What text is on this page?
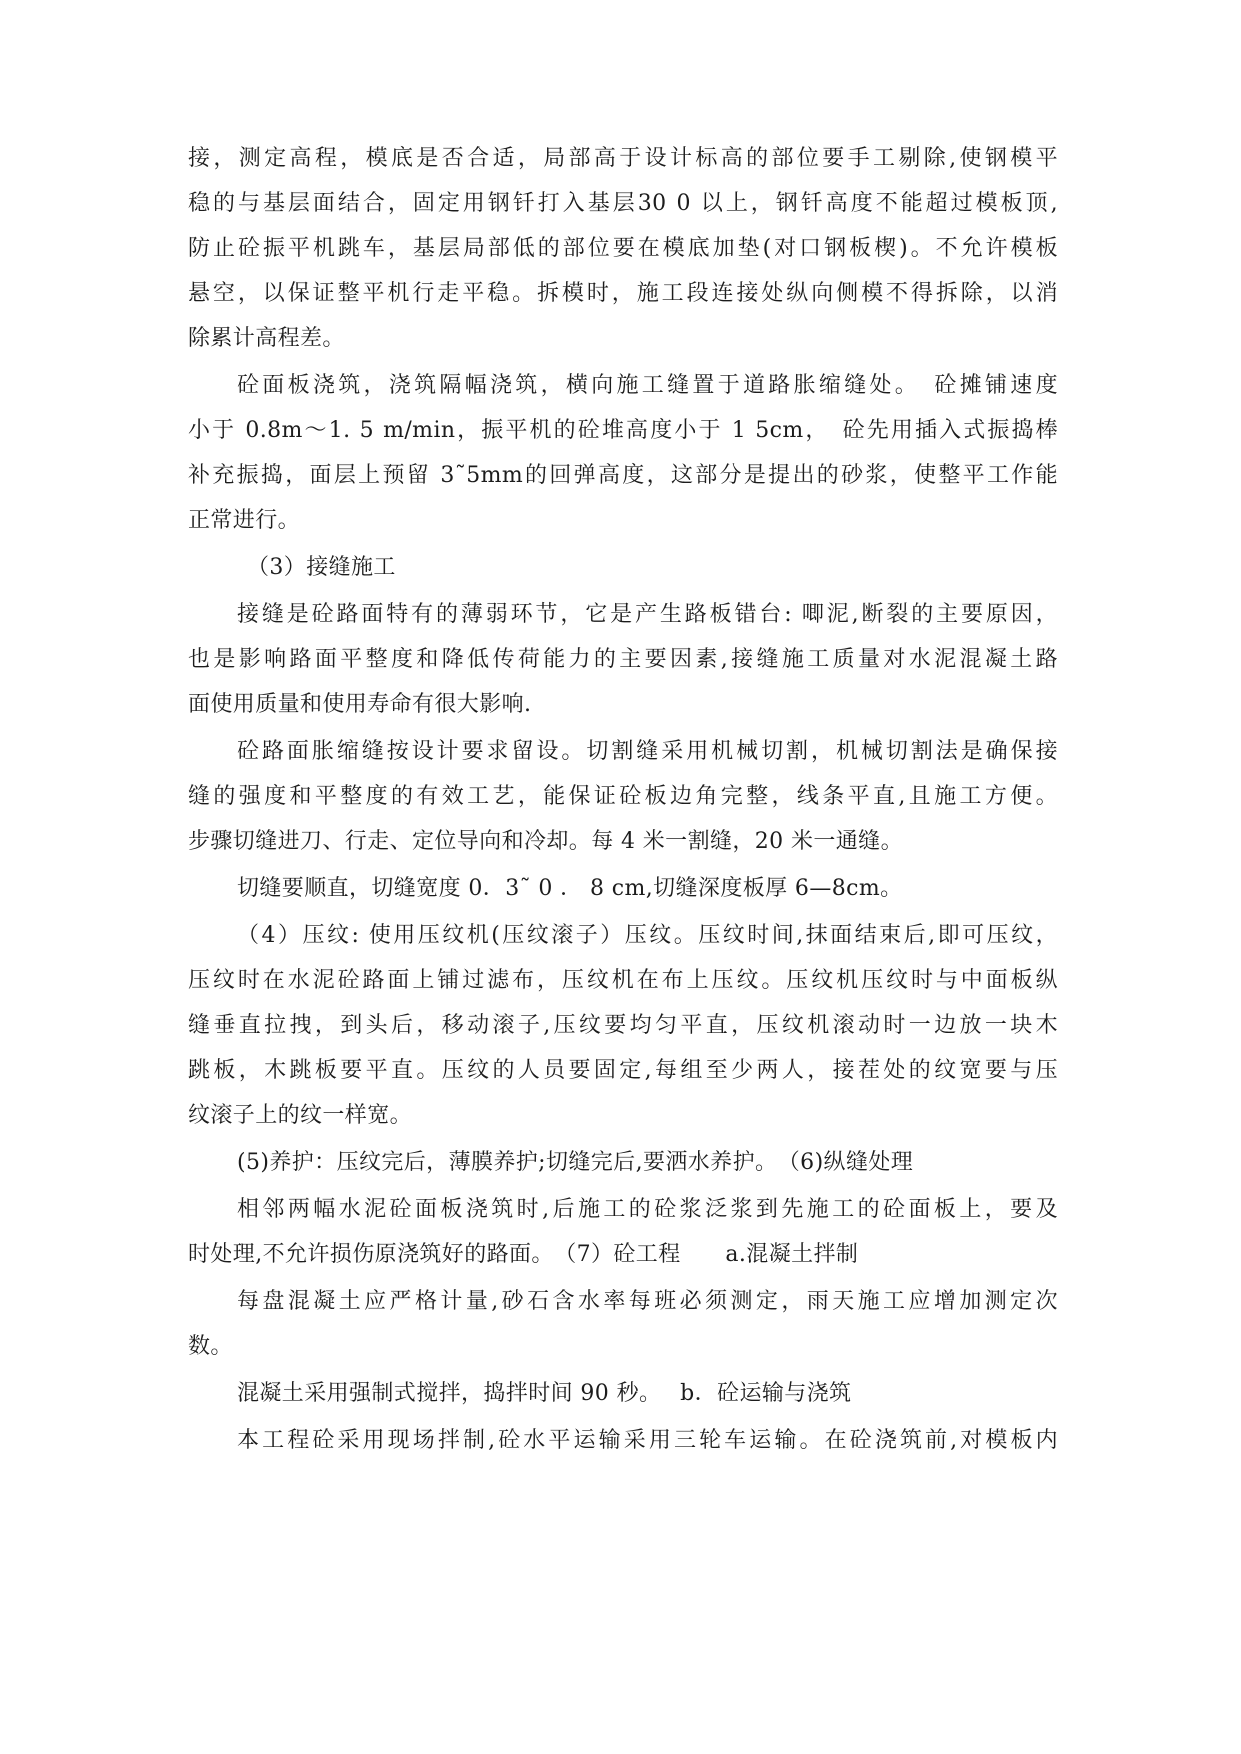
接，测定高程，模底是否合适，局部高于设计标高的部位要手工剔除,使钢模平
稳的与基层面结合，固定用钢钎打入基层30 0 以上，钢钎高度不能超过模板顶,
防止砼振平机跳车，基层局部低的部位要在模底加垫(对口钢板楔)。不允许模板
悬空，以保证整平机行走平稳。拆模时，施工段连接处纵向侧模不得拆除，以消
除累计高程差。
砼面板浇筑，浇筑隔幅浇筑，横向施工缝置于道路胀缩缝处。　砼摊铺速度
小于 0.8m～1. 5 m/min，振平机的砼堆高度小于 1 5cm，　砼先用插入式振捣棒
补充振捣，面层上预留 3˜5mm的回弹高度，这部分是提出的砂浆，使整平工作能
正常进行。
（3）接缝施工
接缝是砼路面特有的薄弱环节，它是产生路板错台: 唧泥,断裂的主要原因，
也是影响路面平整度和降低传荷能力的主要因素,接缝施工质量对水泥混凝土路
面使用质量和使用寿命有很大影响.
砼路面胀缩缝按设计要求留设。切割缝采用机械切割，机械切割法是确保接
缝的强度和平整度的有效工艺，能保证砼板边角完整，线条平直,且施工方便。
步骤切缝进刀、行走、定位导向和冷却。每 4 米一割缝，20 米一通缝。
切缝要顺直，切缝宽度 0．3˜ 0 ． 8 cm,切缝深度板厚 6—8cm。
（4）压纹: 使用压纹机(压纹滚子）压纹。压纹时间,抹面结束后,即可压纹，
压纹时在水泥砼路面上铺过滤布，压纹机在布上压纹。压纹机压纹时与中面板纵
缝垂直拉拽，到头后，移动滚子,压纹要均匀平直，压纹机滚动时一边放一块木
跳板，木跳板要平直。压纹的人员要固定,每组至少两人，接茬处的纹宽要与压
纹滚子上的纹一样宽。
(5)养护：压纹完后，薄膜养护;切缝完后,要洒水养护。　（6)纵缝处理
相邻两幅水泥砼面板浇筑时,后施工的砼浆泛浆到先施工的砼面板上，要及
时处理,不允许损伤原浇筑好的路面。　（7）砼工程　　a.混凝土拌制
每盘混凝土应严格计量,砂石含水率每班必须测定，雨天施工应增加测定次
数。
混凝土采用强制式搅拌，捣拌时间 90 秒。　 b．砼运输与浇筑
本工程砼采用现场拌制,砼水平运输采用三轮车运输。在砼浇筑前,对模板内
